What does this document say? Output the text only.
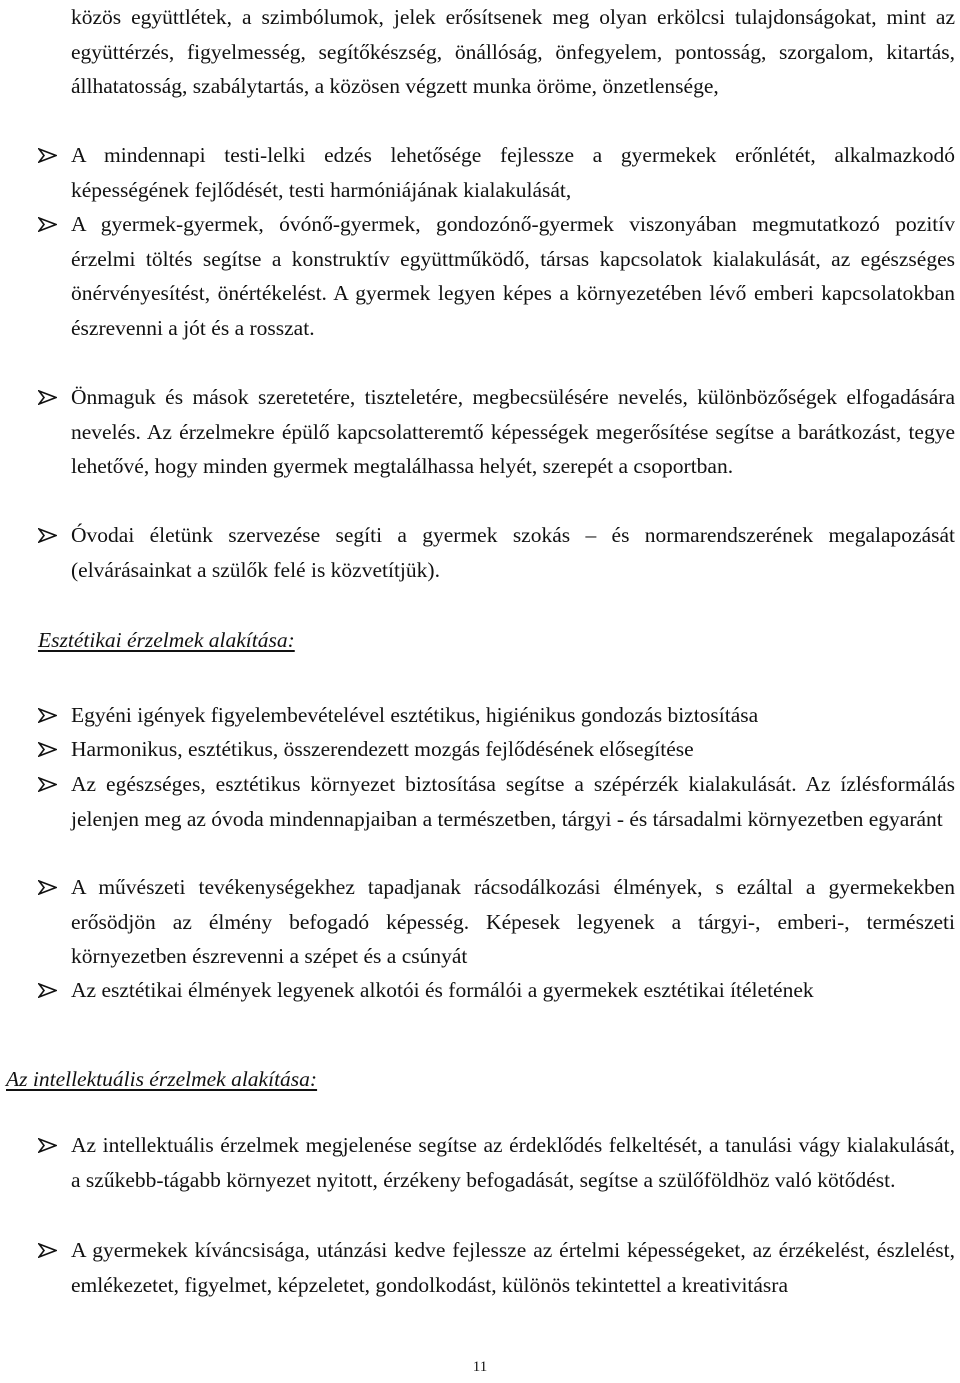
közös együttlétek, a szimbólumok, jelek erősítsenek meg olyan erkölcsi tulajdonságokat, mint az együttérzés, figyelmesség, segítőkészség, önállóság, önfegyelem, pontosság, szorgalom, kitartás, állhatatosság, szabálytartás, a közösen végzett munka öröme, önzetlensége,
A mindennapi testi-lelki edzés lehetősége fejlessze a gyermekek erőnlétét, alkalmazkodó képességének fejlődését, testi harmóniájának kialakulását,
A gyermek-gyermek, óvónő-gyermek, gondozónő-gyermek viszonyában megmutatkozó pozitív érzelmi töltés segítse a konstruktív együttműködő, társas kapcsolatok kialakulását, az egészséges önérvényesítést, önértékelést. A gyermek legyen képes a környezetében lévő emberi kapcsolatokban észrevenni a jót és a rosszat.
Önmaguk és mások szeretetére, tiszteletére, megbecsülésére nevelés, különbözőségek elfogadására nevelés. Az érzelmekre épülő kapcsolatteremtő képességek megerősítése segítse a barátkozást, tegye lehetővé, hogy minden gyermek megtalálhassa helyét, szerepét a csoportban.
Óvodai életünk szervezése segíti a gyermek szokás – és normarendszerének megalapozását (elvárásainkat a szülők felé is közvetítjük).
Esztétikai érzelmek alakítása:
Egyéni igények figyelembevételével esztétikus, higiénikus gondozás biztosítása
Harmonikus, esztétikus, összerendezett mozgás fejlődésének elősegítése
Az egészséges, esztétikus környezet biztosítása segítse a szépérzék kialakulását. Az ízlésformálás jelenjen meg az óvoda mindennapjaiban a természetben, tárgyi - és társadalmi környezetben egyaránt
A művészeti tevékenységekhez tapadjanak rácsodálkozási élmények, s ezáltal a gyermekekben erősödjön az élmény befogadó képesség. Képesek legyenek a tárgyi-, emberi-, természeti környezetben észrevenni a szépet és a csúnyát
Az esztétikai élmények legyenek alkotói és formálói a gyermekek esztétikai ítéletének
Az intellektuális érzelmek alakítása:
Az intellektuális érzelmek megjelenése segítse az érdeklődés felkeltését, a tanulási vágy kialakulását, a szűkebb-tágabb környezet nyitott, érzékeny befogadását, segítse a szülőföldhöz való kötődést.
A gyermekek kíváncsisága, utánzási kedve fejlessze az értelmi képességeket, az érzékelést, észlelést, emlékezetet, figyelmet, képzeletet, gondolkodást, különös tekintettel a kreativitásra
11
